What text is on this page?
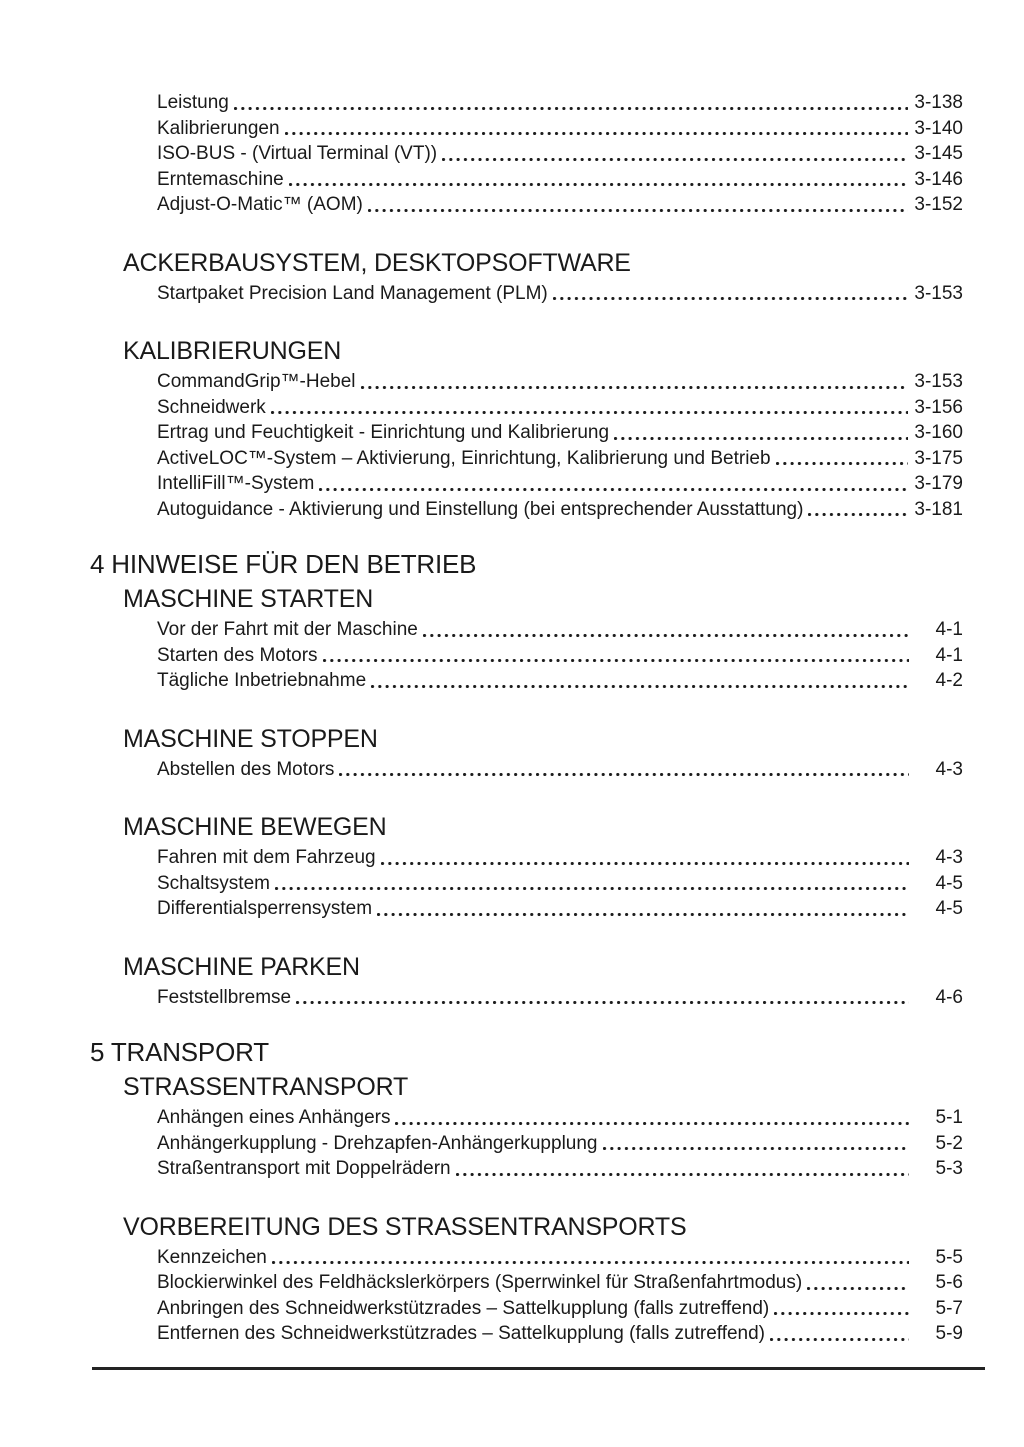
Leistung	3-138
Kalibrierungen	3-140
ISO-BUS - (Virtual Terminal (VT))	3-145
Erntemaschine	3-146
Adjust-O-Matic™ (AOM)	3-152
ACKERBAUSYSTEM, DESKTOPSOFTWARE
Startpaket Precision Land Management (PLM)	3-153
KALIBRIERUNGEN
CommandGrip™-Hebel	3-153
Schneidwerk	3-156
Ertrag und Feuchtigkeit - Einrichtung und Kalibrierung	3-160
ActiveLOC™-System – Aktivierung, Einrichtung, Kalibrierung und Betrieb	3-175
IntelliFill™-System	3-179
Autoguidance - Aktivierung und Einstellung (bei entsprechender Ausstattung)	3-181
4 HINWEISE FÜR DEN BETRIEB
MASCHINE STARTEN
Vor der Fahrt mit der Maschine	4-1
Starten des Motors	4-1
Tägliche Inbetriebnahme	4-2
MASCHINE STOPPEN
Abstellen des Motors	4-3
MASCHINE BEWEGEN
Fahren mit dem Fahrzeug	4-3
Schaltsystem	4-5
Differentialsperrensystem	4-5
MASCHINE PARKEN
Feststellbremse	4-6
5 TRANSPORT
STRASSENTRANSPORT
Anhängen eines Anhängers	5-1
Anhängerkupplung - Drehzapfen-Anhängerkupplung	5-2
Straßentransport mit Doppelrädern	5-3
VORBEREITUNG DES STRASSENTRANSPORTS
Kennzeichen	5-5
Blockierwinkel des Feldhäckslerkörpers (Sperrwinkel für Straßenfahrtmodus)	5-6
Anbringen des Schneidwerkstützrades – Sattelkupplung (falls zutreffend)	5-7
Entfernen des Schneidwerkstützrades – Sattelkupplung (falls zutreffend)	5-9
